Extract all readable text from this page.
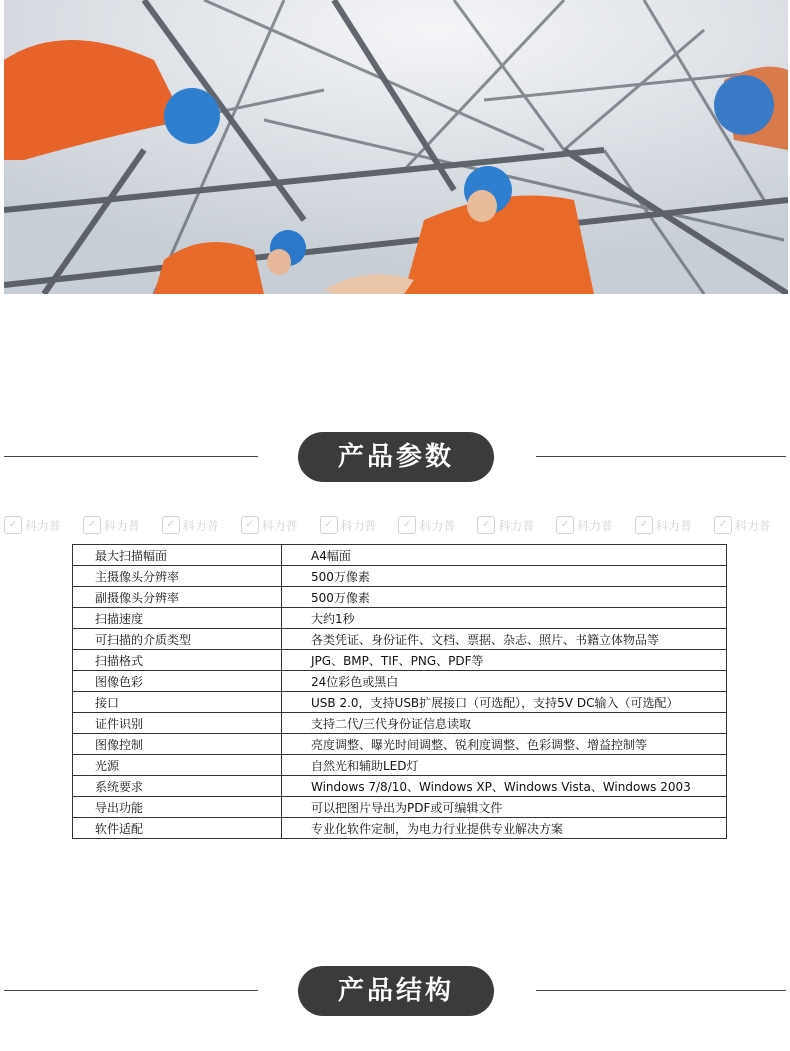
产品参数
✓ 科力普	✓ 科力普	✓ 科力普	✓ 科力普	✓ 科力普	✓ 科力普	✓ 科力普	✓ 科力普	✓ 科力普	✓ 科力普
最大扫描幅面	A4幅面
主摄像头分辨率	500万像素
副摄像头分辨率	500万像素
扫描速度	大约1秒
可扫描的介质类型	各类凭证、身份证件、文档、票据、杂志、照片、书籍立体物品等
扫描格式	JPG、BMP、TIF、PNG、PDF等
图像色彩	24位彩色或黑白
接口	USB 2.0，支持USB扩展接口（可选配），支持5V DC输入（可选配）
证件识别	支持二代/三代身份证信息读取
图像控制	亮度调整、曝光时间调整、锐利度调整、色彩调整、增益控制等
光源	自然光和辅助LED灯
系统要求	Windows 7/8/10、Windows XP、Windows Vista、Windows 2003
导出功能	可以把图片导出为PDF或可编辑文件
软件适配	专业化软件定制，为电力行业提供专业解决方案
产品结构
